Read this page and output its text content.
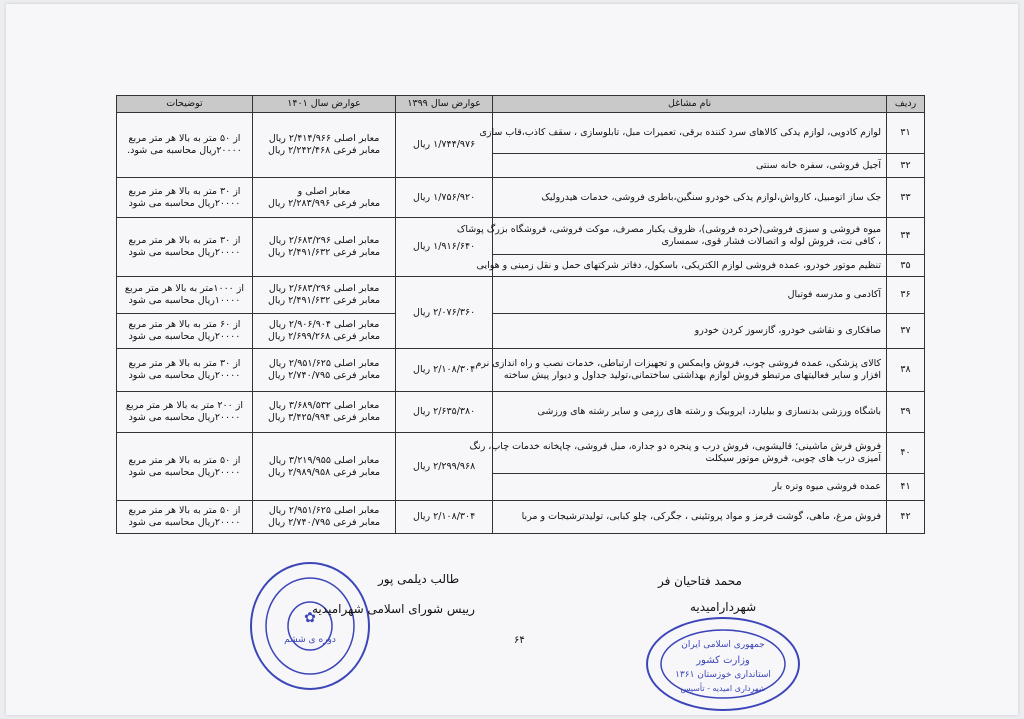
ردیف	نام مشاغل	عوارض سال ۱۳۹۹	عوارض سال ۱۴۰۱	توضیحات
۳۱	لوازم کادویی، لوازم یدکی کالاهای سرد کننده برقی، تعمیرات مبل، تابلوسازی ، سقف کاذب،قاب سازی	۱/۷۴۴/۹۷۶ ریال	معابر اصلی ۲/۴۱۴/۹۶۶ ریال
معابر فرعی ۲/۲۴۲/۴۶۸ ریال	از ۵۰ متر به بالا هر متر مربع
۲۰۰۰۰ریال محاسبه می شود.

۳۲	آجیل فروشی، سفره خانه سنتی			

۳۳	جک ساز اتومبیل، کارواش،لوازم یدکی خودرو سنگین،باطری فروشی، خدمات هیدرولیک	۱/۷۵۶/۹۲۰ ریال	معابر اصلی و
معابر فرعی ۲/۲۸۳/۹۹۶ ریال	از ۳۰ متر به بالا هر متر مربع
۲۰۰۰۰ریال محاسبه می شود

۳۴	میوه فروشی و سبزی فروشی(خرده فروشی)، ظروف یکبار مصرف، موکت فروشی، فروشگاه بزرگ پوشاک
، کافی نت، فروش لوله و اتصالات فشار قوی، سمساری	۱/۹۱۶/۶۴۰ ریال	معابر اصلی ۲/۶۸۳/۲۹۶ ریال
معابر فرعی ۲/۴۹۱/۶۳۲ ریال	از ۳۰ متر به بالا هر متر مربع
۲۰۰۰۰ریال محاسبه می شود

۳۵	تنظیم موتور خودرو، عمده فروشی لوازم الکتریکی، باسکول، دفاتر شرکتهای حمل و نقل زمینی و هوایی			

۳۶	آکادمی و مدرسه فوتبال	۲/۰۷۶/۳۶۰ ریال	معابر اصلی ۲/۶۸۳/۲۹۶ ریال
معابر فرعی ۲/۴۹۱/۶۳۲ ریال	از ۱۰۰۰متر به بالا هر متر مربع
۱۰۰۰۰ریال محاسبه می شود

۳۷	صافکاری و نقاشی خودرو، گازسوز کردن خودرو		معابر اصلی ۲/۹۰۶/۹۰۴ ریال
معابر فرعی ۲/۶۹۹/۲۶۸ ریال	از ۶۰ متر به بالا هر متر مربع
۲۰۰۰۰ریال محاسبه می شود

۳۸	کالای پزشکی، عمده فروشی چوب، فروش وایمکس و تجهیزات ارتباطی، خدمات نصب و راه اندازی نرم
افزار و سایر فعالیتهای مرتبطو فروش لوازم بهداشتی ساختمانی،تولید جداول و دیوار پیش ساخته	۲/۱۰۸/۳۰۴ ریال	معابر اصلی ۲/۹۵۱/۶۲۵ ریال
معابر فرعی ۲/۷۴۰/۷۹۵ ریال	از ۳۰ متر به بالا هر متر مربع
۲۰۰۰۰ریال محاسبه می شود

۳۹	باشگاه ورزشی بدنسازی و بیلیارد، ایروبیک و رشته های رزمی و سایر رشته های ورزشی	۲/۶۳۵/۳۸۰ ریال	معابر اصلی ۳/۶۸۹/۵۳۲ ریال
معابر فرعی ۳/۴۲۵/۹۹۴ ریال	از ۲۰۰ متر به بالا هر متر مربع
۲۰۰۰۰ریال محاسبه می شود

۴۰	فروش فرش ماشینی؛ قالیشویی، فروش درب و پنجره دو جداره، مبل فروشی، چاپخانه خدمات چاپ، رنگ
آمیزی درب های چوبی، فروش موتور سیکلت	۲/۲۹۹/۹۶۸ ریال	معابر اصلی ۳/۲۱۹/۹۵۵ ریال
معابر فرعی ۲/۹۸۹/۹۵۸ ریال	از ۵۰ متر به بالا هر متر مربع
۲۰۰۰۰ریال محاسبه می شود

۴۱	عمده فروشی میوه وتره بار			

۴۲	فروش مرغ، ماهی، گوشت قرمز و مواد پروتئینی ، جگرکی، چلو کبابی، تولیدترشیجات و مربا	۲/۱۰۸/۳۰۴ ریال	معابر اصلی ۲/۹۵۱/۶۲۵ ریال
معابر فرعی ۲/۷۴۰/۷۹۵ ریال	از ۵۰ متر به بالا هر متر مربع
۲۰۰۰۰ریال محاسبه می شود
✿
دوره ی ششم	جمهوری اسلامی ایران
وزارت کشور
استانداری خوزستان ۱۳۶۱
شهرداری امیدیه - تأسیس
طالب دیلمی پور
رییس شورای اسلامی شهرامیدیه
محمد فتاحیان فر
شهردارامیدیه
۶۴
